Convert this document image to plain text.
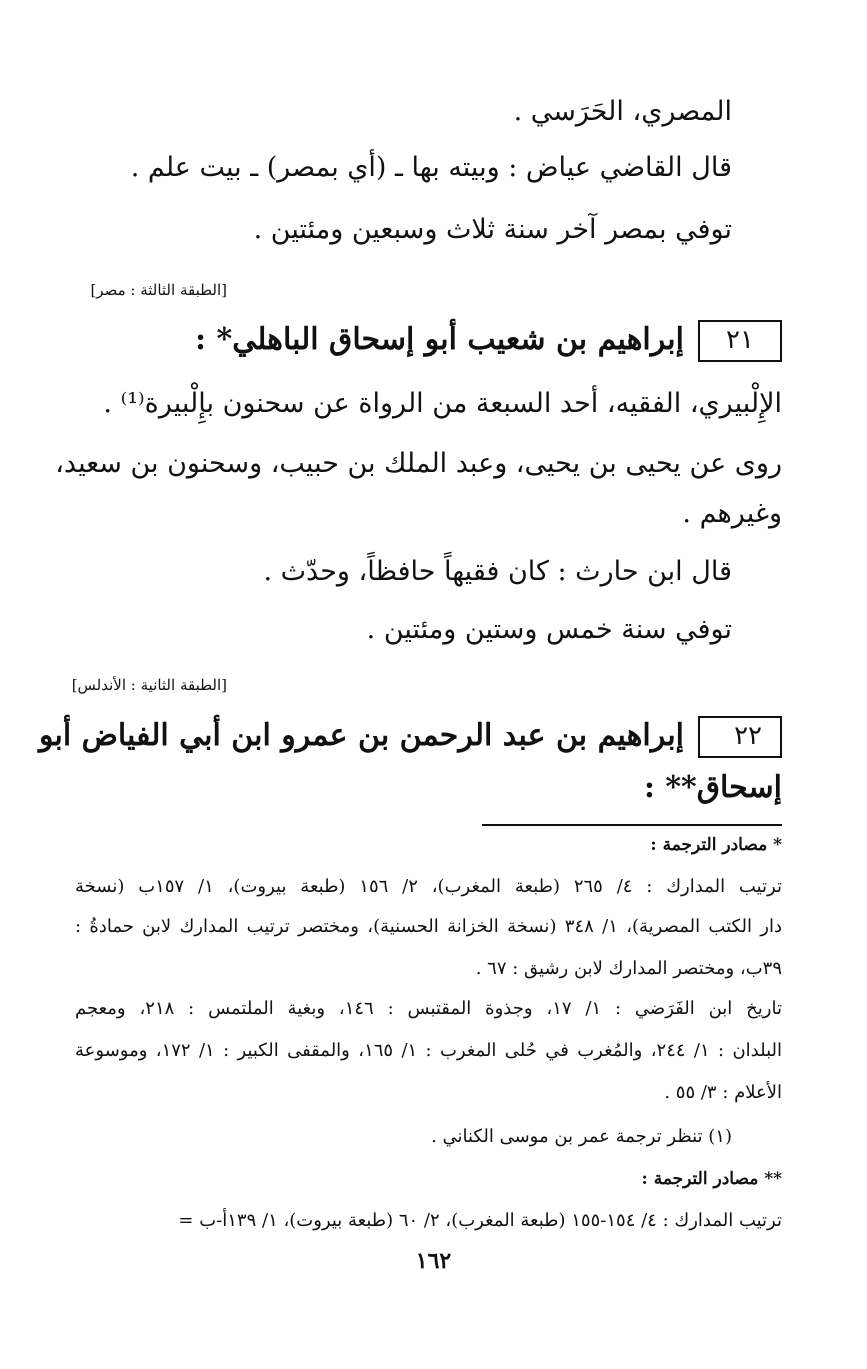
المصري، الحَرَسي .
قال القاضي عياض : وبيته بها ـ (أي بمصر) ـ بيت علم .
توفي بمصر آخر سنة ثلاث وسبعين ومئتين .
[الطبقة الثالثة : مصر]
٢١إبراهيم بن شعيب أبو إسحاق الباهلي* :
الإِلْبيري، الفقيه، أحد السبعة من الرواة عن سحنون بإِلْبيرة⁽¹⁾ .
روى عن يحيى بن يحيى، وعبد الملك بن حبيب، وسحنون بن سعيد،
وغيرهم .
قال ابن حارث : كان فقيهاً حافظاً، وحدّث .
توفي سنة خمس وستين ومئتين .
[الطبقة الثانية : الأندلس]
٢٢إبراهيم بن عبد الرحمن بن عمرو ابن أبي الفياض أبو
إسحاق** :
* مصادر الترجمة :
ترتيب المدارك : ٤/ ٢٦٥ (طبعة المغرب)، ٢/ ١٥٦ (طبعة بيروت)، ١/ ١٥٧ب (نسخة
دار الكتب المصرية)، ١/ ٣٤٨ (نسخة الخزانة الحسنية)، ومختصر ترتيب المدارك لابن حمادةُ :
٣٩ب، ومختصر المدارك لابن رشيق : ٦٧ .
تاريخ ابن الفَرَضي : ١/ ١٧، وجذوة المقتبس : ١٤٦، وبغية الملتمس : ٢١٨، ومعجم
البلدان : ١/ ٢٤٤، والمُغرب في حُلى المغرب : ١/ ١٦٥، والمقفى الكبير : ١/ ١٧٢، وموسوعة
الأعلام : ٣/ ٥٥ .
(١) تنظر ترجمة عمر بن موسى الكناني .
** مصادر الترجمة :
ترتيب المدارك : ٤/ ١٥٤-١٥٥ (طبعة المغرب)، ٢/ ٦٠ (طبعة بيروت)، ١/ ١٣٩أ-ب =
١٦٢
